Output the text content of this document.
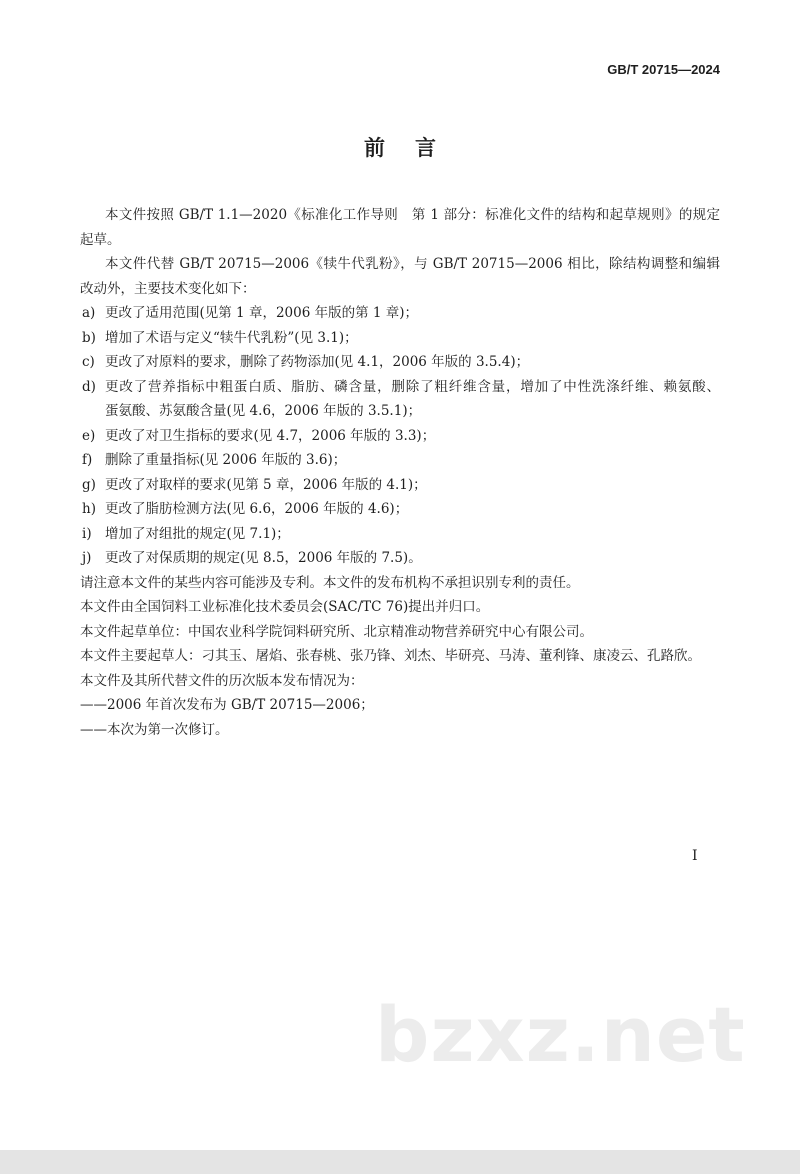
GB/T 20715—2024
前言
本文件按照 GB/T 1.1—2020《标准化工作导则　第 1 部分：标准化文件的结构和起草规则》的规定
起草。
本文件代替 GB/T 20715—2006《犊牛代乳粉》，与 GB/T 20715—2006 相比，除结构调整和编辑
改动外，主要技术变化如下：
a) 更改了适用范围(见第 1 章，2006 年版的第 1 章)；
b) 增加了术语与定义“犊牛代乳粉”(见 3.1)；
c) 更改了对原料的要求，删除了药物添加(见 4.1，2006 年版的 3.5.4)；
d) 更改了营养指标中粗蛋白质、脂肪、磷含量，删除了粗纤维含量，增加了中性洗涤纤维、赖氨酸、
蛋氨酸、苏氨酸含量(见 4.6，2006 年版的 3.5.1)；
e) 更改了对卫生指标的要求(见 4.7，2006 年版的 3.3)；
f) 删除了重量指标(见 2006 年版的 3.6)；
g) 更改了对取样的要求(见第 5 章，2006 年版的 4.1)；
h) 更改了脂肪检测方法(见 6.6，2006 年版的 4.6)；
i) 增加了对组批的规定(见 7.1)；
j)	更改了对保质期的规定(见 8.5，2006 年版的 7.5)。
请注意本文件的某些内容可能涉及专利。本文件的发布机构不承担识别专利的责任。
本文件由全国饲料工业标准化技术委员会(SAC/TC 76)提出并归口。
本文件起草单位：中国农业科学院饲料研究所、北京精准动物营养研究中心有限公司。
本文件主要起草人：刁其玉、屠焰、张春桃、张乃锋、刘杰、毕研亮、马涛、董利锋、康凌云、孔路欣。
本文件及其所代替文件的历次版本发布情况为：
——2006 年首次发布为 GB/T 20715—2006；
——本次为第一次修订。
I
bzxz.net
